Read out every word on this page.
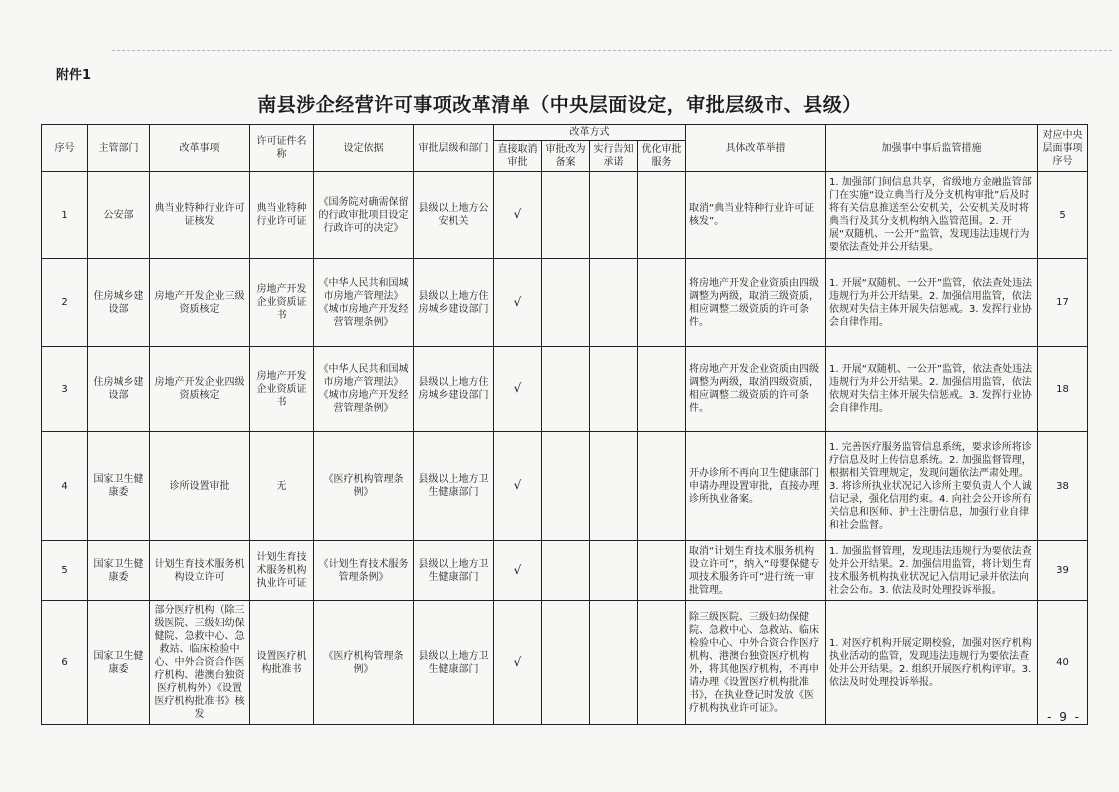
附件1
南县涉企经营许可事项改革清单（中央层面设定，审批层级市、县级）
序号	主管部门	改革事项	许可证件名称	设定依据	审批层级和部门	改革方式				具体改革举措	加强事中事后监管措施	对应中央层面事项序号
						直接取消审批	审批改为备案	实行告知承诺	优化审批服务			
1	公安部	典当业特种行业许可证核发	典当业特种行业许可证	《国务院对确需保留的行政审批项目设定行政许可的决定》	县级以上地方公安机关	√				取消“典当业特种行业许可证核发”。	1. 加强部门间信息共享，省级地方金融监管部门在实施“设立典当行及分支机构审批”后及时将有关信息推送至公安机关，公安机关及时将典当行及其分支机构纳入监管范围。2. 开展“双随机、一公开”监管，发现违法违规行为要依法查处并公开结果。	5
2	住房城乡建设部	房地产开发企业三级资质核定	房地产开发企业资质证书	《中华人民共和国城市房地产管理法》《城市房地产开发经营管理条例》	县级以上地方住房城乡建设部门	√				将房地产开发企业资质由四级调整为两级，取消三级资质，相应调整二级资质的许可条件。	1. 开展“双随机、一公开”监管，依法查处违法违规行为并公开结果。2. 加强信用监管，依法依规对失信主体开展失信惩戒。3. 发挥行业协会自律作用。	17
3	住房城乡建设部	房地产开发企业四级资质核定	房地产开发企业资质证书	《中华人民共和国城市房地产管理法》《城市房地产开发经营管理条例》	县级以上地方住房城乡建设部门	√				将房地产开发企业资质由四级调整为两级，取消四级资质，相应调整二级资质的许可条件。	1. 开展“双随机、一公开”监管，依法查处违法违规行为并公开结果。2. 加强信用监管，依法依规对失信主体开展失信惩戒。3. 发挥行业协会自律作用。	18
4	国家卫生健康委	诊所设置审批	无	《医疗机构管理条例》	县级以上地方卫生健康部门	√				开办诊所不再向卫生健康部门申请办理设置审批，直接办理诊所执业备案。	1. 完善医疗服务监管信息系统，要求诊所将诊疗信息及时上传信息系统。2. 加强监督管理，根据相关管理规定，发现问题依法严肃处理。3. 将诊所执业状况记入诊所主要负责人个人诚信记录，强化信用约束。4. 向社会公开诊所有关信息和医师、护士注册信息，加强行业自律和社会监督。	38
5	国家卫生健康委	计划生育技术服务机构设立许可	计划生育技术服务机构执业许可证	《计划生育技术服务管理条例》	县级以上地方卫生健康部门	√				取消“计划生育技术服务机构设立许可”，纳入“母婴保健专项技术服务许可”进行统一审批管理。	1. 加强监督管理，发现违法违规行为要依法查处并公开结果。2. 加强信用监管，将计划生育技术服务机构执业状况记入信用记录并依法向社会公布。3. 依法及时处理投诉举报。	39
6	国家卫生健康委	部分医疗机构（除三级医院、三级妇幼保健院、急救中心、急救站、临床检验中心、中外合资合作医疗机构、港澳台独资医疗机构外）《设置医疗机构批准书》核发	设置医疗机构批准书	《医疗机构管理条例》	县级以上地方卫生健康部门	√				除三级医院、三级妇幼保健院、急救中心、急救站、临床检验中心、中外合资合作医疗机构、港澳台独资医疗机构外，将其他医疗机构，不再申请办理《设置医疗机构批准书》，在执业登记时发放《医疗机构执业许可证》。	1. 对医疗机构开展定期校验，加强对医疗机构执业活动的监管，发现违法违规行为要依法查处并公开结果。2. 组织开展医疗机构评审。3. 依法及时处理投诉举报。	40
- 9 -
